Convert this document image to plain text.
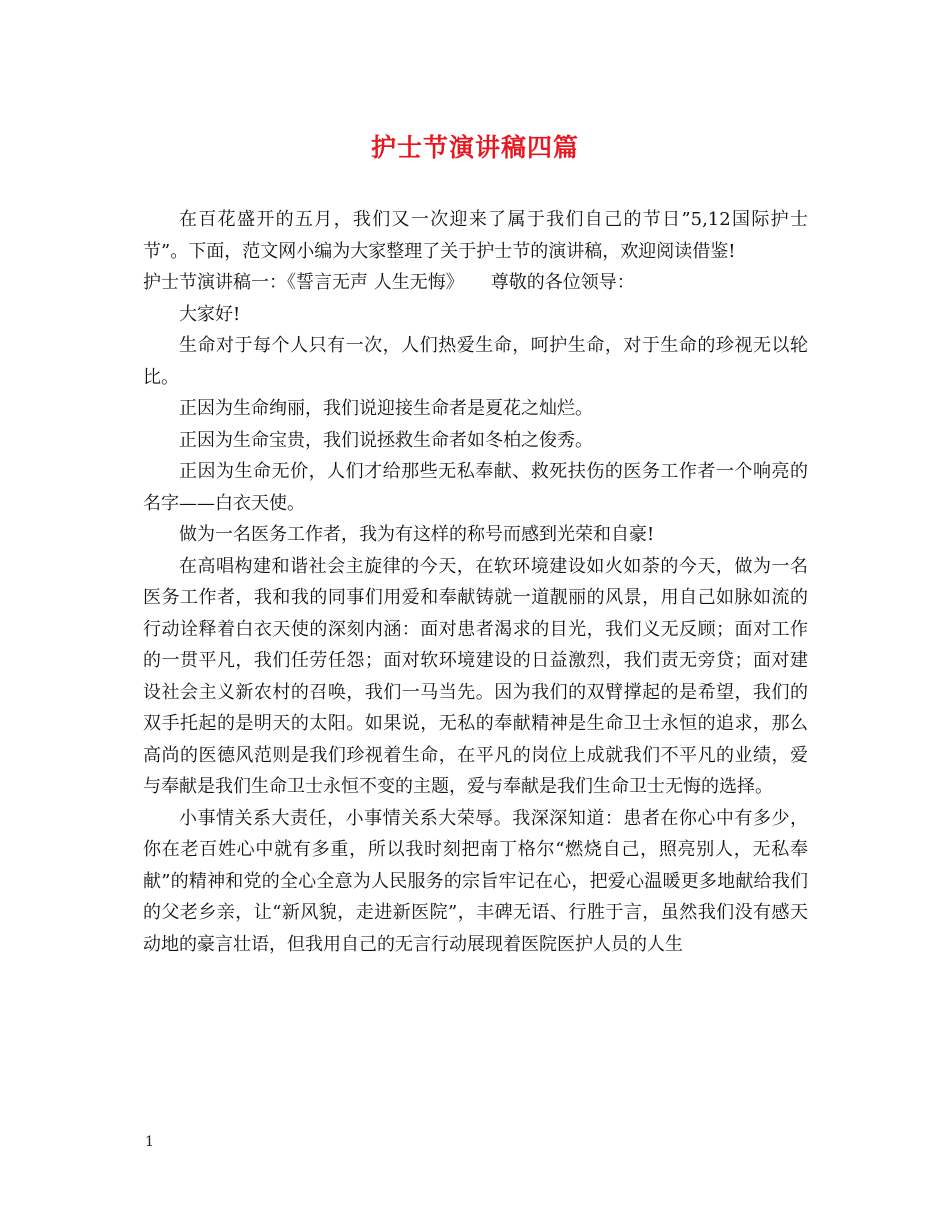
护士节演讲稿四篇

在百花盛开的五月，我们又一次迎来了属于我们自己的节日”5,12国际护士节”。下面，范文网小编为大家整理了关于护士节的演讲稿，欢迎阅读借鉴!

护士节演讲稿一：《誓言无声 人生无悔》　　尊敬的各位领导：

大家好!

生命对于每个人只有一次，人们热爱生命，呵护生命，对于生命的珍视无以轮比。

正因为生命绚丽，我们说迎接生命者是夏花之灿烂。

正因为生命宝贵，我们说拯救生命者如冬柏之俊秀。

正因为生命无价，人们才给那些无私奉献、救死扶伤的医务工作者一个响亮的名字——白衣天使。

做为一名医务工作者，我为有这样的称号而感到光荣和自豪!

在高唱构建和谐社会主旋律的今天，在软环境建设如火如荼的今天，做为一名医务工作者，我和我的同事们用爱和奉献铸就一道靓丽的风景，用自己如脉如流的行动诠释着白衣天使的深刻内涵：面对患者渴求的目光，我们义无反顾；面对工作的一贯平凡，我们任劳任怨；面对软环境建设的日益激烈，我们责无旁贷；面对建设社会主义新农村的召唤，我们一马当先。因为我们的双臂撑起的是希望，我们的双手托起的是明天的太阳。如果说，无私的奉献精神是生命卫士永恒的追求，那么高尚的医德风范则是我们珍视着生命，在平凡的岗位上成就我们不平凡的业绩，爱与奉献是我们生命卫士永恒不变的主题，爱与奉献是我们生命卫士无悔的选择。

小事情关系大责任，小事情关系大荣辱。我深深知道：患者在你心中有多少，你在老百姓心中就有多重，所以我时刻把南丁格尔“燃烧自己，照亮别人，无私奉献”的精神和党的全心全意为人民服务的宗旨牢记在心，把爱心温暖更多地献给我们的父老乡亲，让“新风貌，走进新医院”，丰碑无语、行胜于言，虽然我们没有感天动地的豪言壮语，但我用自己的无言行动展现着医院医护人员的人生

1
